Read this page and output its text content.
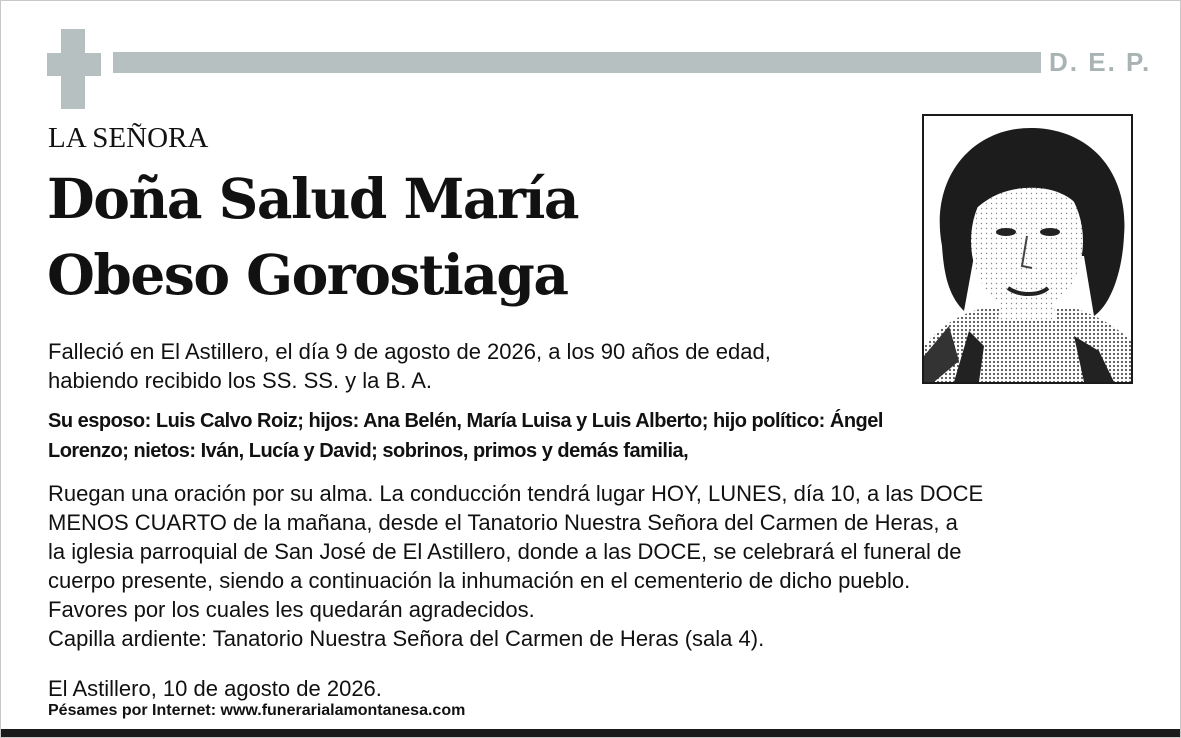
D. E. P.
LA SEÑORA
Doña Salud María
Obeso Gorostiaga
Falleció en El Astillero, el día 9 de agosto de 2026, a los 90 años de edad,
habiendo recibido los SS. SS. y la B. A.
Su esposo: Luis Calvo Roiz; hijos: Ana Belén, María Luisa y Luis Alberto; hijo político: Ángel
Lorenzo; nietos: Iván, Lucía y David; sobrinos, primos y demás familia,
Ruegan una oración por su alma. La conducción tendrá lugar HOY, LUNES, día 10, a las DOCE
MENOS CUARTO de la mañana, desde el Tanatorio Nuestra Señora del Carmen de Heras, a
la iglesia parroquial de San José de El Astillero, donde a las DOCE, se celebrará el funeral de
cuerpo presente, siendo a continuación la inhumación en el cementerio de dicho pueblo.
Favores por los cuales les quedarán agradecidos.
Capilla ardiente: Tanatorio Nuestra Señora del Carmen de Heras (sala 4).
El Astillero, 10 de agosto de 2026.
Pésames por Internet: www.funerarialamontanesa.com
